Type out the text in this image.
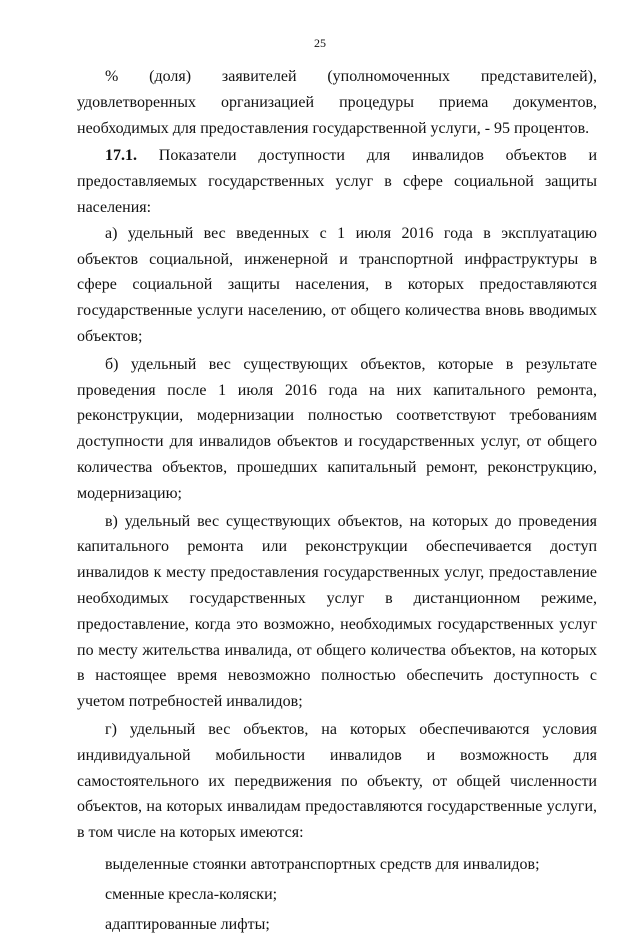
25

% (доля) заявителей (уполномоченных представителей), удовлетворенных организацией процедуры приема документов, необходимых для предоставления государственной услуги, - 95 процентов.

17.1. Показатели доступности для инвалидов объектов и предоставляемых государственных услуг в сфере социальной защиты населения:

а) удельный вес введенных с 1 июля 2016 года в эксплуатацию объектов социальной, инженерной и транспортной инфраструктуры в сфере социальной защиты населения, в которых предоставляются государственные услуги населению, от общего количества вновь вводимых объектов;

б) удельный вес существующих объектов, которые в результате проведения после 1 июля 2016 года на них капитального ремонта, реконструкции, модернизации полностью соответствуют требованиям доступности для инвалидов объектов и государственных услуг, от общего количества объектов, прошедших капитальный ремонт, реконструкцию, модернизацию;

в) удельный вес существующих объектов, на которых до проведения капитального ремонта или реконструкции обеспечивается доступ инвалидов к месту предоставления государственных услуг, предоставление необходимых государственных услуг в дистанционном режиме, предоставление, когда это возможно, необходимых государственных услуг по месту жительства инвалида, от общего количества объектов, на которых в настоящее время невозможно полностью обеспечить доступность с учетом потребностей инвалидов;

г) удельный вес объектов, на которых обеспечиваются условия индивидуальной мобильности инвалидов и возможность для самостоятельного их передвижения по объекту, от общей численности объектов, на которых инвалидам предоставляются государственные услуги, в том числе на которых имеются:

выделенные стоянки автотранспортных средств для инвалидов;

сменные кресла-коляски;

адаптированные лифты;
